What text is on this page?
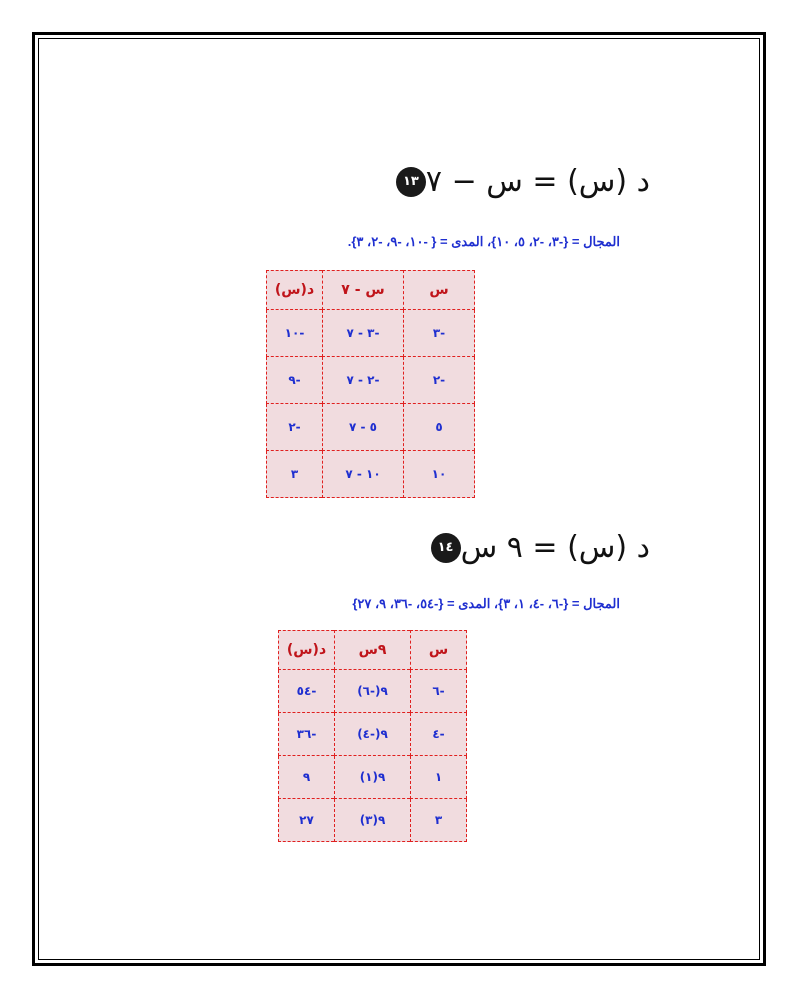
١٣ د (س) = س − ٧
المجال = {-٣، -٢، ٥، ١٠}، المدى = { -١٠، -٩، -٢، ٣}.
س	س - ٧	د(س)
-٣	-٣ - ٧	-١٠
-٢	-٢ - ٧	-٩
٥	٥ - ٧	-٢
١٠	١٠ - ٧	٣
١٤ د (س) = ٩ س
المجال = {-٦، -٤، ١، ٣}، المدى = {-٥٤، -٣٦، ٩، ٢٧}
س	٩س	د(س)
-٦	٩(-٦)	-٥٤
-٤	٩(-٤)	-٣٦
١	٩(١)	٩
٣	٩(٣)	٢٧
